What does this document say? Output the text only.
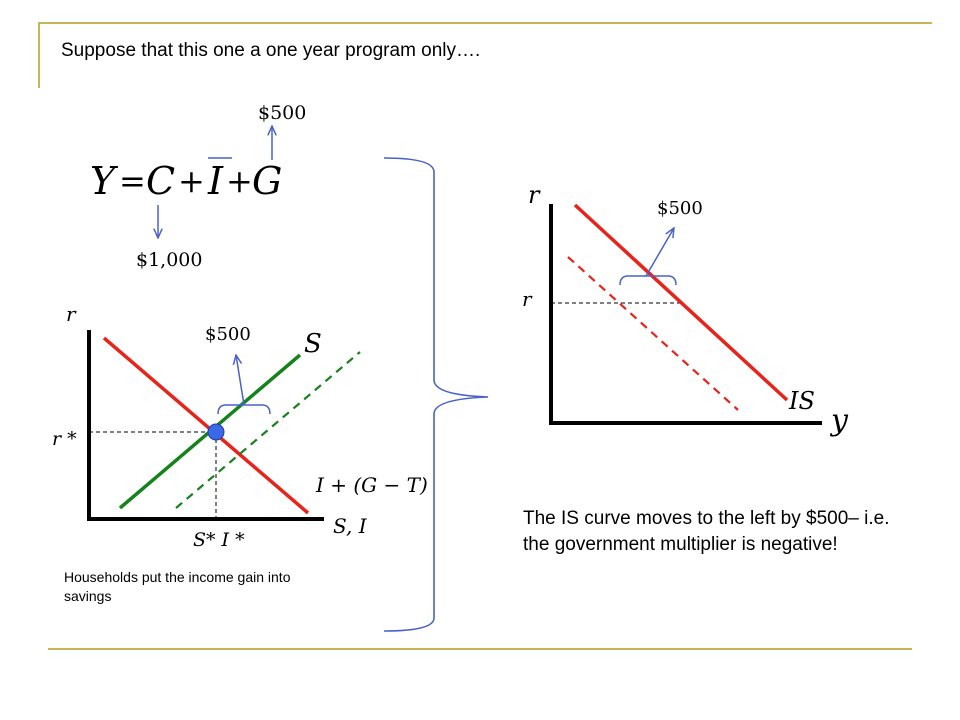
Suppose that this one a one year program only….
Y = C + I + G
$500
$1,000
r
S, I
r *
S* I *
S
I + (G − T)
$500
r
y
r
IS
$500
Households put the income gain into savings
The IS curve moves to the left by $500– i.e. the government multiplier is negative!
